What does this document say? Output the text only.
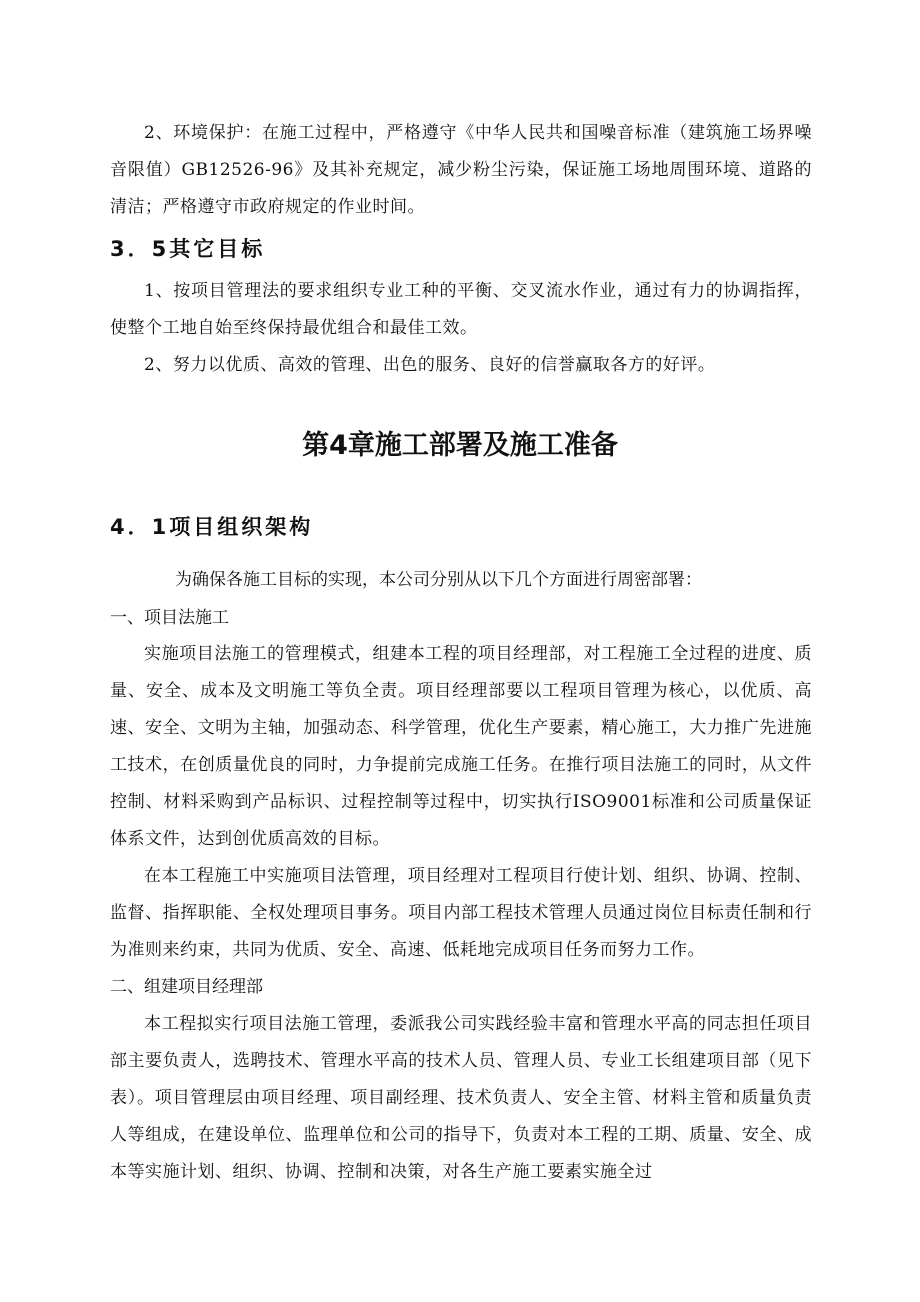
2、环境保护：在施工过程中，严格遵守《中华人民共和国噪音标准（建筑施工场界噪音限值）GB12526-96》及其补充规定，减少粉尘污染，保证施工场地周围环境、道路的清洁；严格遵守市政府规定的作业时间。

3．5其它目标

1、按项目管理法的要求组织专业工种的平衡、交叉流水作业，通过有力的协调指挥，使整个工地自始至终保持最优组合和最佳工效。

2、努力以优质、高效的管理、出色的服务、良好的信誉赢取各方的好评。

第4章施工部署及施工准备
4．1项目组织架构

为确保各施工目标的实现，本公司分别从以下几个方面进行周密部署：

一、项目法施工

实施项目法施工的管理模式，组建本工程的项目经理部，对工程施工全过程的进度、质量、安全、成本及文明施工等负全责。项目经理部要以工程项目管理为核心，以优质、高速、安全、文明为主轴，加强动态、科学管理，优化生产要素，精心施工，大力推广先进施工技术，在创质量优良的同时，力争提前完成施工任务。在推行项目法施工的同时，从文件控制、材料采购到产品标识、过程控制等过程中，切实执行ISO9001标准和公司质量保证体系文件，达到创优质高效的目标。

在本工程施工中实施项目法管理，项目经理对工程项目行使计划、组织、协调、控制、监督、指挥职能、全权处理项目事务。项目内部工程技术管理人员通过岗位目标责任制和行为准则来约束，共同为优质、安全、高速、低耗地完成项目任务而努力工作。

二、组建项目经理部

本工程拟实行项目法施工管理，委派我公司实践经验丰富和管理水平高的同志担任项目部主要负责人，选聘技术、管理水平高的技术人员、管理人员、专业工长组建项目部（见下表）。项目管理层由项目经理、项目副经理、技术负责人、安全主管、材料主管和质量负责人等组成，在建设单位、监理单位和公司的指导下，负责对本工程的工期、质量、安全、成本等实施计划、组织、协调、控制和决策，对各生产施工要素实施全过
